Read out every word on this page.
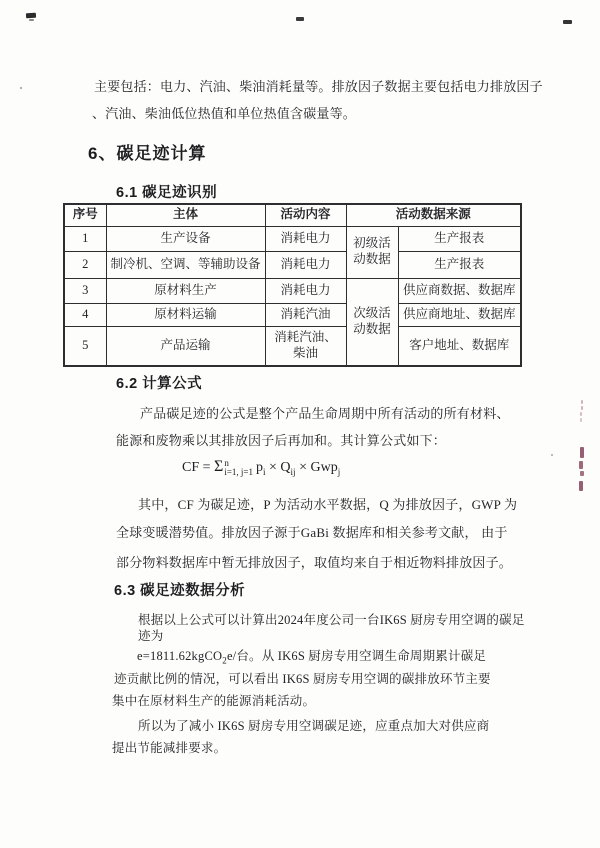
主要包括：电力、汽油、柴油消耗量等。排放因子数据主要包括电力排放因子
、汽油、柴油低位热值和单位热值含碳量等。
6、碳足迹计算
6.1 碳足迹识别
序号	主体	活动内容	活动数据来源	
1	生产设备	消耗电力	初级活动数据	生产报表
2	制冷机、空调、等辅助设备	消耗电力		生产报表
3	原材料生产	消耗电力	次级活动数据	供应商数据、数据库
4	原材料运输	消耗汽油		供应商地址、数据库
5	产品运输	消耗汽油、柴油		客户地址、数据库
6.2 计算公式
产品碳足迹的公式是整个产品生命周期中所有活动的所有材料、
能源和废物乘以其排放因子后再加和。其计算公式如下：
CF = Σ n
i=1, j=1 $p_i \times Q_{ij} \times Gwp_j$
其中，CF 为碳足迹，P 为活动水平数据，Q 为排放因子，GWP 为
全球变暖潜势值。排放因子源于GaBi 数据库和相关参考文献， 由于
部分物料数据库中暂无排放因子，取值均来自于相近物料排放因子。
6.3 碳足迹数据分析
根据以上公式可以计算出2024年度公司一台IK6S 厨房专用空调的碳足
迹为
e=1811.62kgCO$_2$e/台。从 IK6S 厨房专用空调生命周期累计碳足
迹贡献比例的情况，可以看出 IK6S 厨房专用空调的碳排放环节主要
集中在原材料生产的能源消耗活动。
所以为了减小 IK6S 厨房专用空调碳足迹，应重点加大对供应商
提出节能减排要求。
